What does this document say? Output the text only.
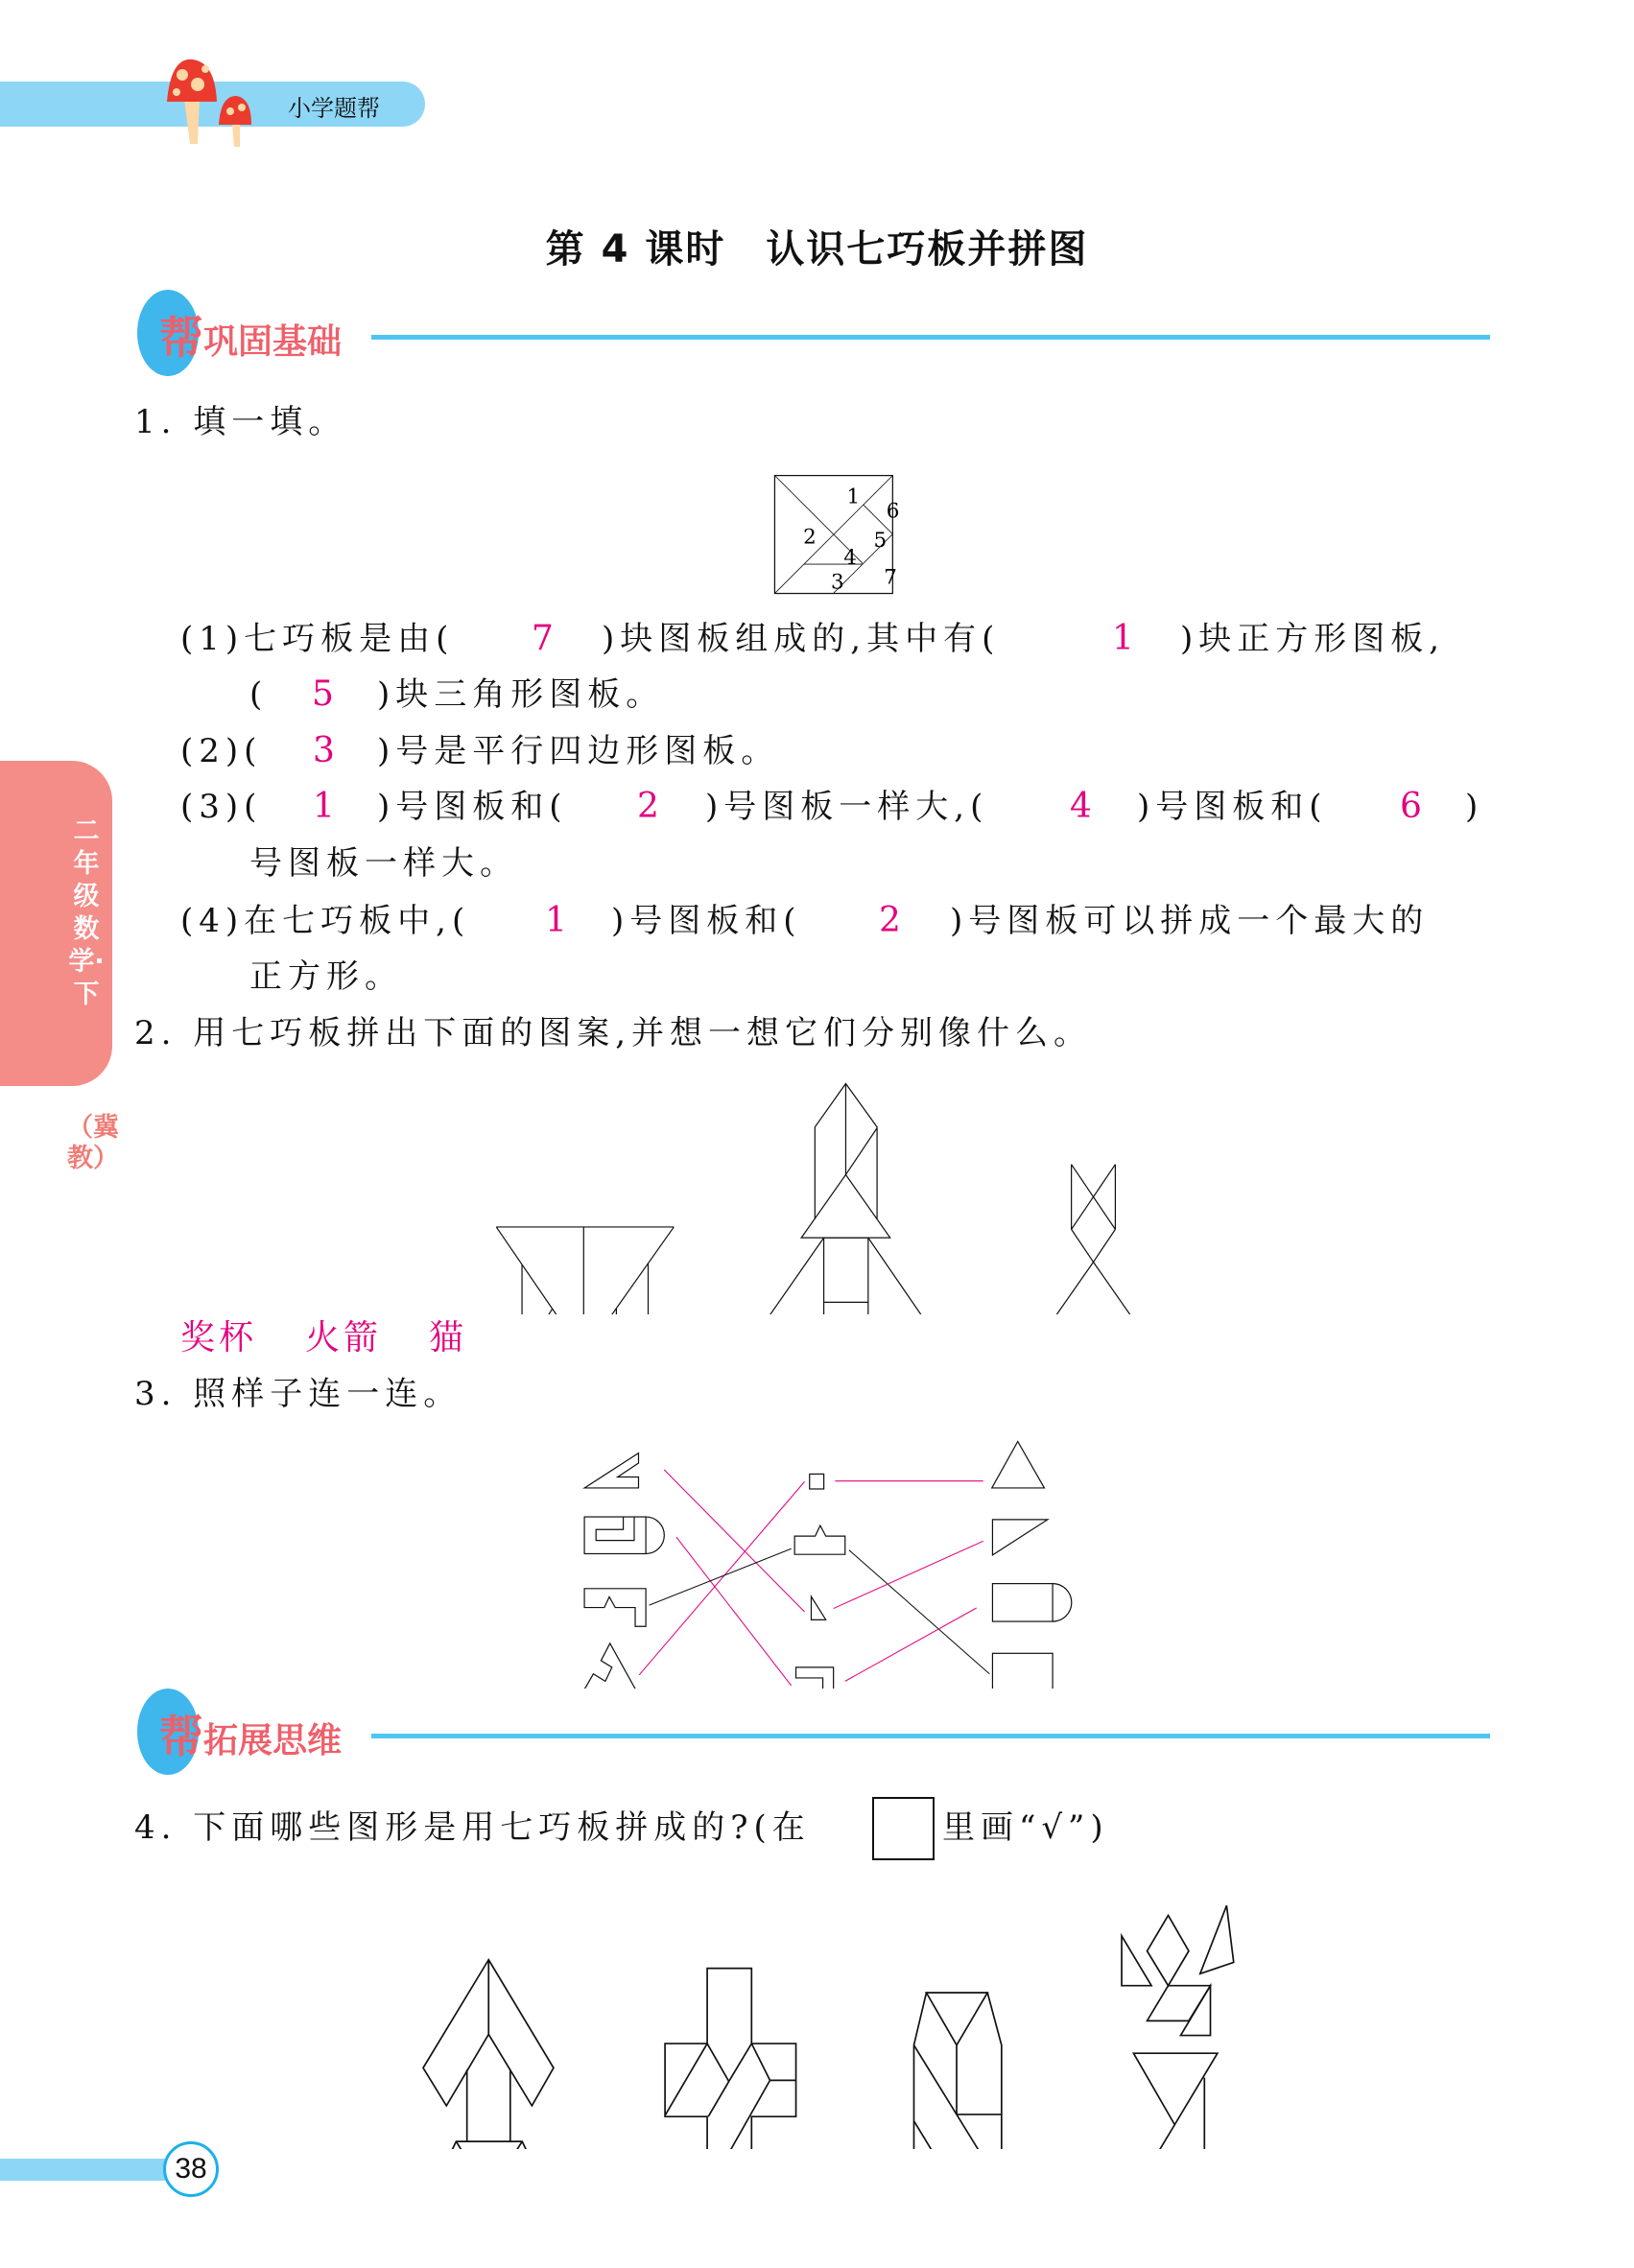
小学题帮
第 4 课时　认识七巧板并拼图
二年级数学·下
（冀教）
帮巩固基础
1. 填一填。
1
2
3
4
5
6
7
(1)七巧板是由( 7 )块图板组成的,其中有(	1 )块正方形图板,
( 5 )块三角形图板。
(2)( 3 )号是平行四边形图板。
(3)( 1 )号图板和( 2 )号图板一样大,( 4 )号图板和( 6 )
号图板一样大。
(4)在七巧板中,( 1 )号图板和( 2 )号图板可以拼成一个最大的
正方形。
2. 用七巧板拼出下面的图案,并想一想它们分别像什么。
奖杯 火箭 猫
3. 照样子连一连。
帮拓展思维
4. 下面哪些图形是用七巧板拼成的?(在	里画“√”)
38
